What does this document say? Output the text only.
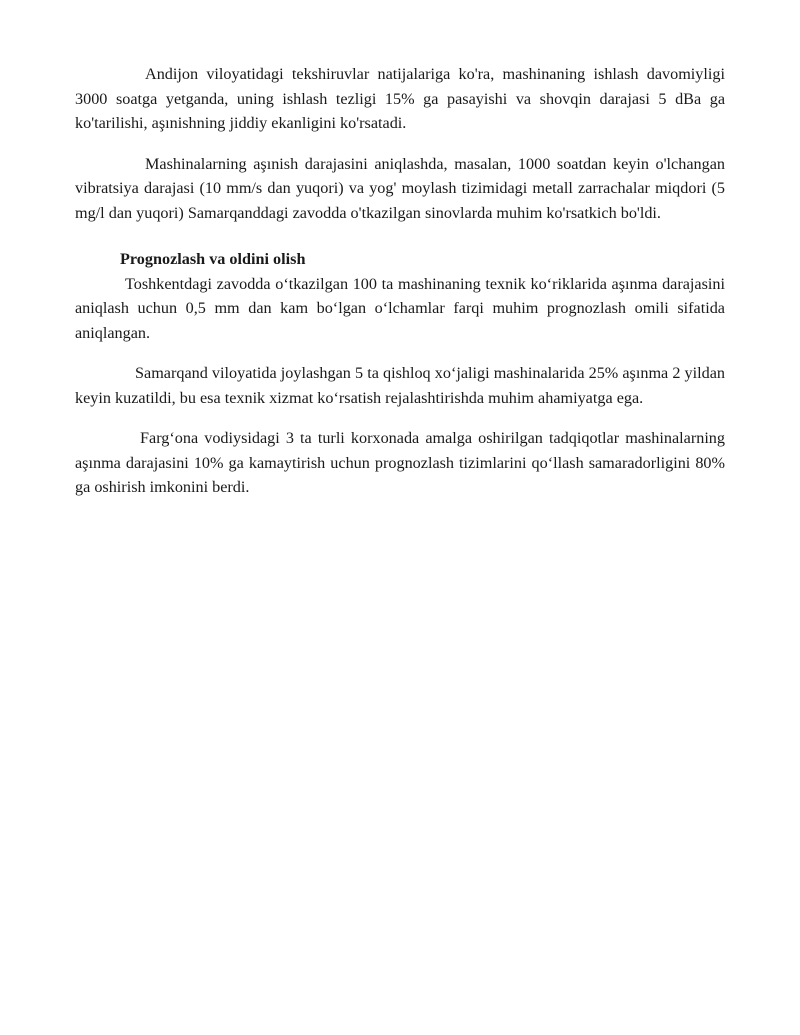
Andijon viloyatidagi tekshiruvlar natijalariga ko'ra, mashinaning ishlash davomiyligi 3000 soatga yetganda, uning ishlash tezligi 15% ga pasayishi va shovqin darajasi 5 dBa ga ko'tarilishi, aşınishning jiddiy ekanligini ko'rsatadi.

Mashinalarning aşınish darajasini aniqlashda, masalan, 1000 soatdan keyin o'lchangan vibratsiya darajasi (10 mm/s dan yuqori) va yog' moylash tizimidagi metall zarrachalar miqdori (5 mg/l dan yuqori) Samarqanddagi zavodda o'tkazilgan sinovlarda muhim ko'rsatkich bo'ldi.

Prognozlash va oldini olish

Toshkentdagi zavodda oʻtkazilgan 100 ta mashinaning texnik koʻriklarida aşınma darajasini aniqlash uchun 0,5 mm dan kam boʻlgan oʻlchamlar farqi muhim prognozlash omili sifatida aniqlangan.

Samarqand viloyatida joylashgan 5 ta qishloq xoʻjaligi mashinalarida 25% aşınma 2 yildan keyin kuzatildi, bu esa texnik xizmat koʻrsatish rejalashtirishda muhim ahamiyatga ega.

Fargʻona vodiysidagi 3 ta turli korxonada amalga oshirilgan tadqiqotlar mashinalarning aşınma darajasini 10% ga kamaytirish uchun prognozlash tizimlarini qoʻllash samaradorligini 80% ga oshirish imkonini berdi.
